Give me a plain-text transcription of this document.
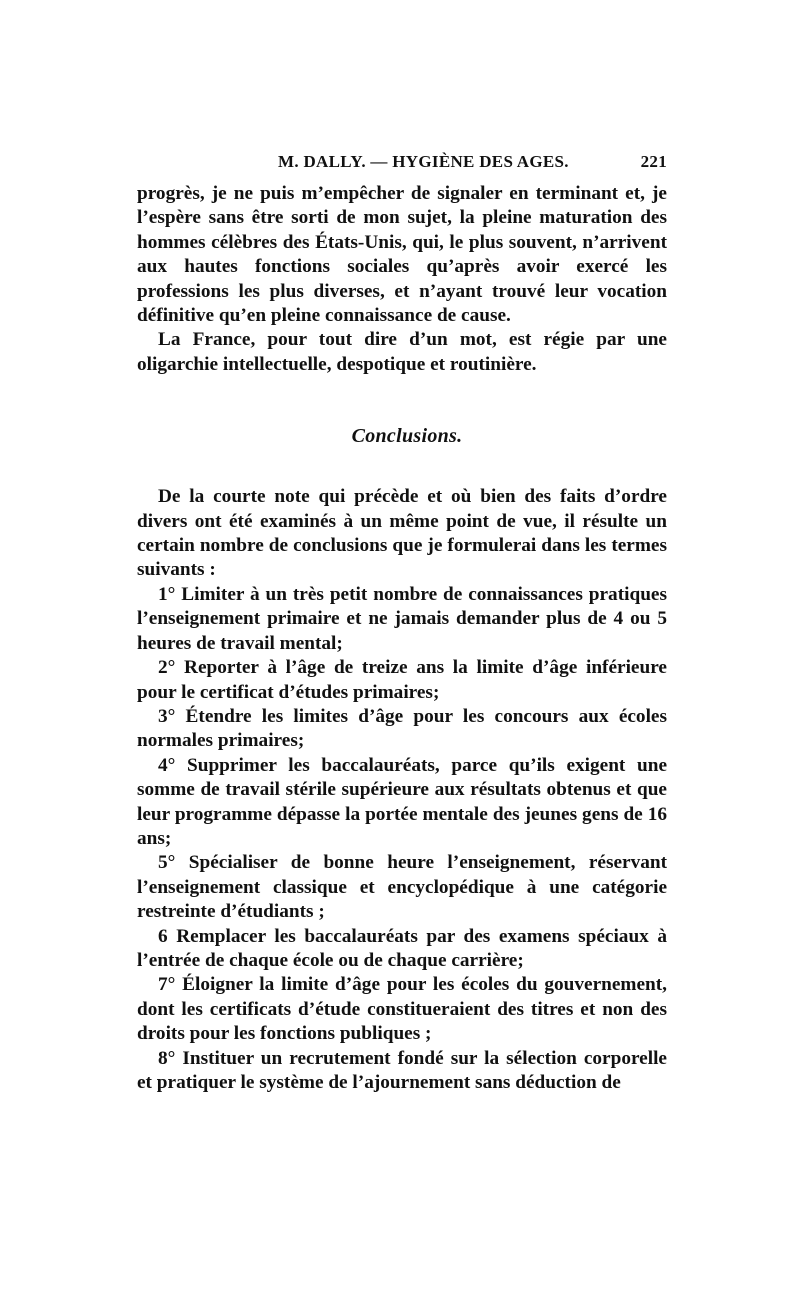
M. DALLY. — HYGIÈNE DES AGES.	221

progrès, je ne puis m’empêcher de signaler en terminant et, je l’espère sans être sorti de mon sujet, la pleine maturation des hommes célèbres des États-Unis, qui, le plus souvent, n’arrivent aux hautes fonctions sociales qu’après avoir exercé les professions les plus diverses, et n’ayant trouvé leur vocation définitive qu’en pleine connaissance de cause.

La France, pour tout dire d’un mot, est régie par une oligarchie intellectuelle, despotique et routinière.

Conclusions.

De la courte note qui précède et où bien des faits d’ordre divers ont été examinés à un même point de vue, il résulte un certain nombre de conclusions que je formulerai dans les termes suivants :

1° Limiter à un très petit nombre de connaissances pratiques l’enseignement primaire et ne jamais demander plus de 4 ou 5 heures de travail mental;

2° Reporter à l’âge de treize ans la limite d’âge inférieure pour le certificat d’études primaires;

3° Étendre les limites d’âge pour les concours aux écoles normales primaires;

4° Supprimer les baccalauréats, parce qu’ils exigent une somme de travail stérile supérieure aux résultats obtenus et que leur programme dépasse la portée mentale des jeunes gens de 16 ans;

5° Spécialiser de bonne heure l’enseignement, réservant l’enseignement classique et encyclopédique à une catégorie restreinte d’étudiants ;

6 Remplacer les baccalauréats par des examens spéciaux à l’entrée de chaque école ou de chaque carrière;

7° Éloigner la limite d’âge pour les écoles du gouvernement, dont les certificats d’étude constitueraient des titres et non des droits pour les fonctions publiques ;

8° Instituer un recrutement fondé sur la sélection corporelle et pratiquer le système de l’ajournement sans déduction de
